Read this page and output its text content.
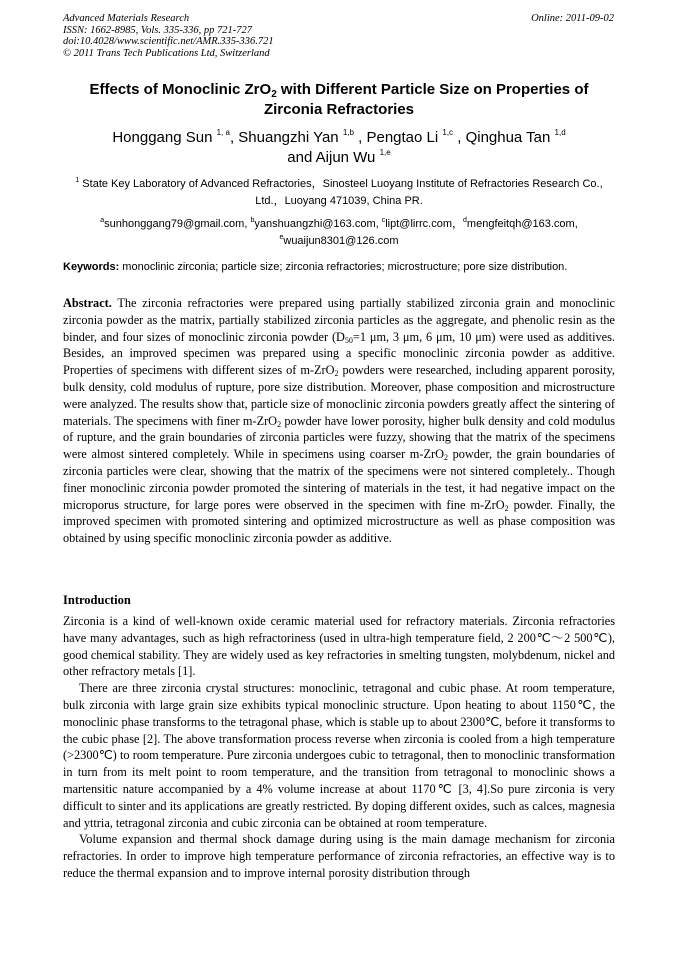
Advanced Materials Research
ISSN: 1662-8985, Vols. 335-336, pp 721-727
doi:10.4028/www.scientific.net/AMR.335-336.721
© 2011 Trans Tech Publications Ltd, Switzerland
Online: 2011-09-02
Effects of Monoclinic ZrO$_2$ with Different Particle Size on Properties of Zirconia Refractories
Honggang Sun $^{1, a}$, Shuangzhi Yan $^{1,b}$ , Pengtao Li $^{1,c}$ , Qinghua Tan $^{1,d}$
and Aijun Wu $^{1,e}$
$^1$ State Key Laboratory of Advanced Refractories，Sinosteel Luoyang Institute of Refractories Research Co., Ltd.，Luoyang 471039, China PR.
$^a$sunhonggang79@gmail.com, $^b$yanshuangzhi@163.com, $^c$lipt@lirrc.com，$^d$mengfeitqh@163.com,
$^e$wuaijun8301@126.com
Keywords: monoclinic zirconia; particle size; zirconia refractories; microstructure; pore size distribution.
Abstract. The zirconia refractories were prepared using partially stabilized zirconia grain and monoclinic zirconia powder as the matrix, partially stabilized zirconia particles as the aggregate, and phenolic resin as the binder, and four sizes of monoclinic zirconia powder ($D_{50}=1$ μm, 3 μm, 6 μm, 10 μm) were used as additives. Besides, an improved specimen was prepared using a specific monoclinic zirconia powder as additive. Properties of specimens with different sizes of m-ZrO$_2$ powders were researched, including apparent porosity, bulk density, cold modulus of rupture, pore size distribution. Moreover, phase composition and microstructure were analyzed. The results show that, particle size of monoclinic zirconia powders greatly affect the sintering of materials. The specimens with finer m-ZrO$_2$ powder have lower porosity, higher bulk density and cold modulus of rupture, and the grain boundaries of zirconia particles were fuzzy, showing that the matrix of the specimens were almost sintered completely. While in specimens using coarser m-ZrO$_2$ powder, the grain boundaries of zirconia particles were clear, showing that the matrix of the specimens were not sintered completely.. Though finer monoclinic zirconia powder promoted the sintering of materials in the test, it had negative impact on the microporus structure, for large pores were observed in the specimen with fine m-ZrO$_2$ powder. Finally, the improved specimen with promoted sintering and optimized microstructure as well as phase composition was obtained by using specific monoclinic zirconia powder as additive.
Introduction

Zirconia is a kind of well-known oxide ceramic material used for refractory materials. Zirconia refractories have many advantages, such as high refractoriness (used in ultra-high temperature field, 2 200℃～2 500℃), good chemical stability. They are widely used as key refractories in smelting tungsten, molybdenum, nickel and other refractory metals [1].

There are three zirconia crystal structures: monoclinic, tetragonal and cubic phase. At room temperature, bulk zirconia with large grain size exhibits typical monoclinic structure. Upon heating to about 1150℃, the monoclinic phase transforms to the tetragonal phase, which is stable up to about 2300℃, before it transforms to the cubic phase [2]. The above transformation process reverse when zirconia is cooled from a high temperature (>2300℃) to room temperature. Pure zirconia undergoes cubic to tetragonal, then to monoclinic transformation in turn from its melt point to room temperature, and the transition from tetragonal to monoclinic shows a martensitic nature accompanied by a 4% volume increase at about 1170℃ [3, 4].So pure zirconia is very difficult to sinter and its applications are greatly restricted. By doping different oxides, such as calces, magnesia and yttria, tetragonal zirconia and cubic zirconia can be obtained at room temperature.

Volume expansion and thermal shock damage during using is the main damage mechanism for zirconia refractories. In order to improve high temperature performance of zirconia refractories, an effective way is to reduce the thermal expansion and to improve internal porosity distribution through
